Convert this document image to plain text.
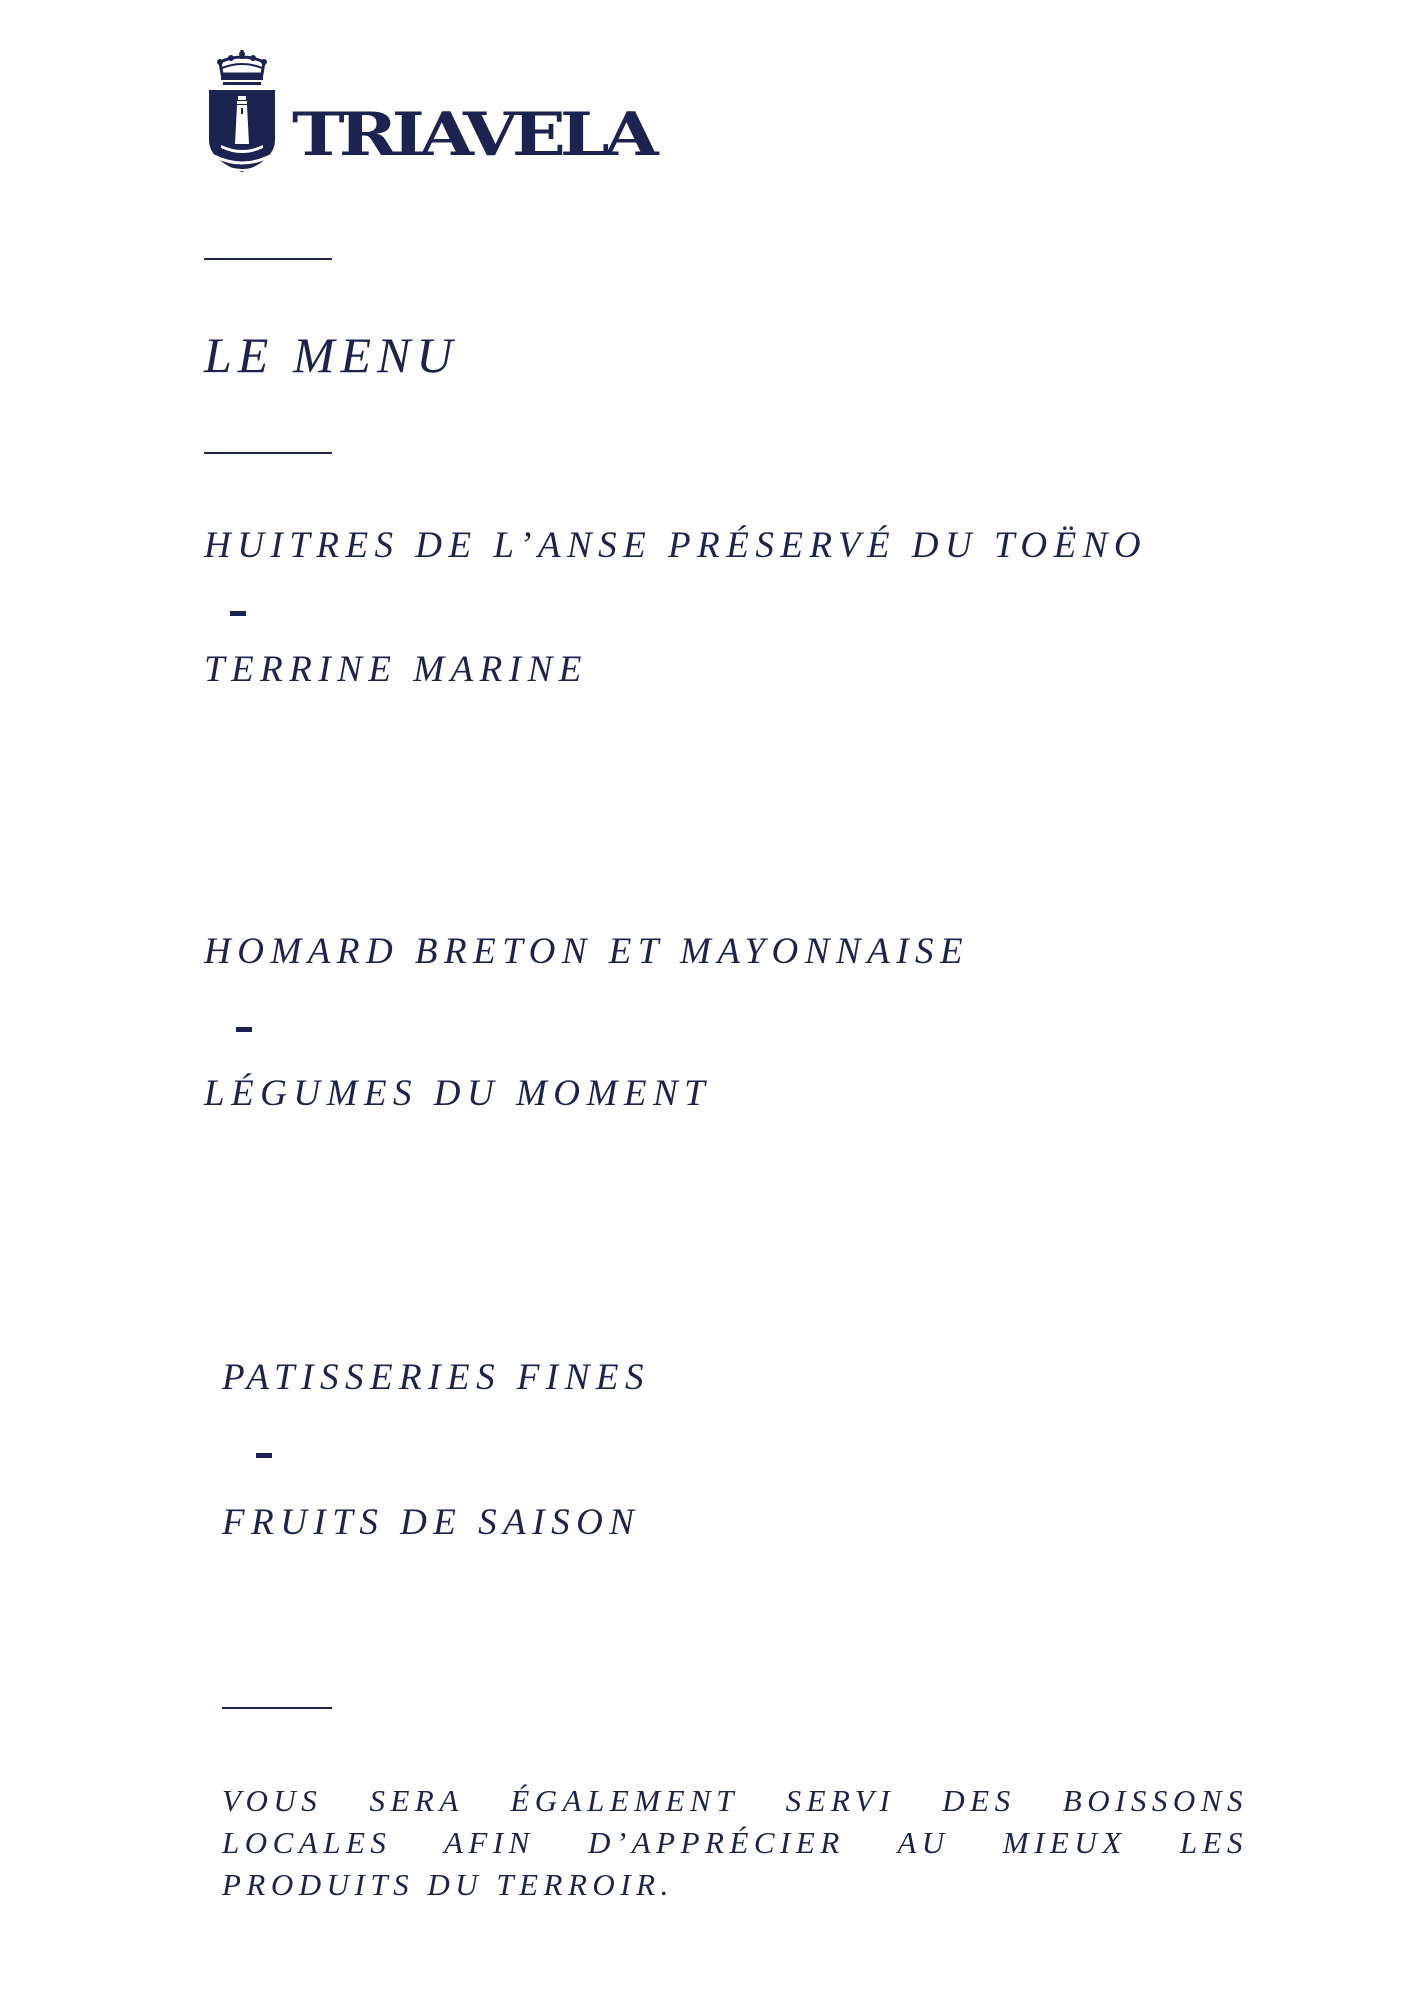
TRIAVELA
LE MENU
HUITRES DE L’ANSE PRÉSERVÉ DU TOËNO
TERRINE MARINE
HOMARD BRETON ET MAYONNAISE
LÉGUMES DU MOMENT
PATISSERIES FINES
FRUITS DE SAISON
VOUS SERA ÉGALEMENT SERVI DES BOISSONS LOCALES AFIN D’APPRÉCIER AU MIEUX LES PRODUITS DU TERROIR.
